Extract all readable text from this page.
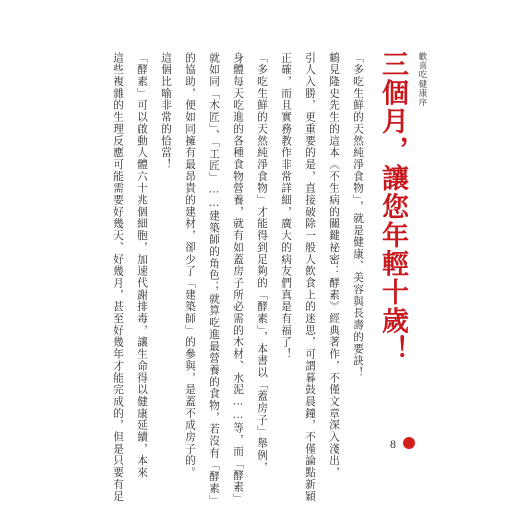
歡喜吃健康序
三個月，讓您年輕十歲！
「多吃生鮮的天然純淨食物」，就是健康、美容與長壽的要訣！
鶴見隆史先生的這本《不生病的關鍵祕密：酵素》經典著作，不僅文章深入淺出，
引人入勝，更重要的是，直接破除一般人飲食上的迷思，可謂暮鼓晨鐘，不僅論點新穎
正確，而且實務教作非常詳細，廣大的病友們真是有福了！
「多吃生鮮的天然純淨食物」才能得到足夠的「酵素」，本書以「蓋房子」舉例，
身體每天吃進的各種食物營養，就有如蓋房子所必需的木材、水泥……等，而「酵素」
就如同「木匠」、「工匠」……建築師的角色；就算吃進最營養的食物，若沒有「酵素」
的協助，便如同擁有最昂貴的建材，卻少了「建築師」的參與，是蓋不成房子的。
這個比喻非常的恰當！
「酵素」可以啟動人體六十兆個細胞，加速代謝排毒，讓生命得以健康延續，本來
這些複雜的生理反應可能需要好幾天、好幾月，甚至好幾年才能完成的，但是只要有足	8
